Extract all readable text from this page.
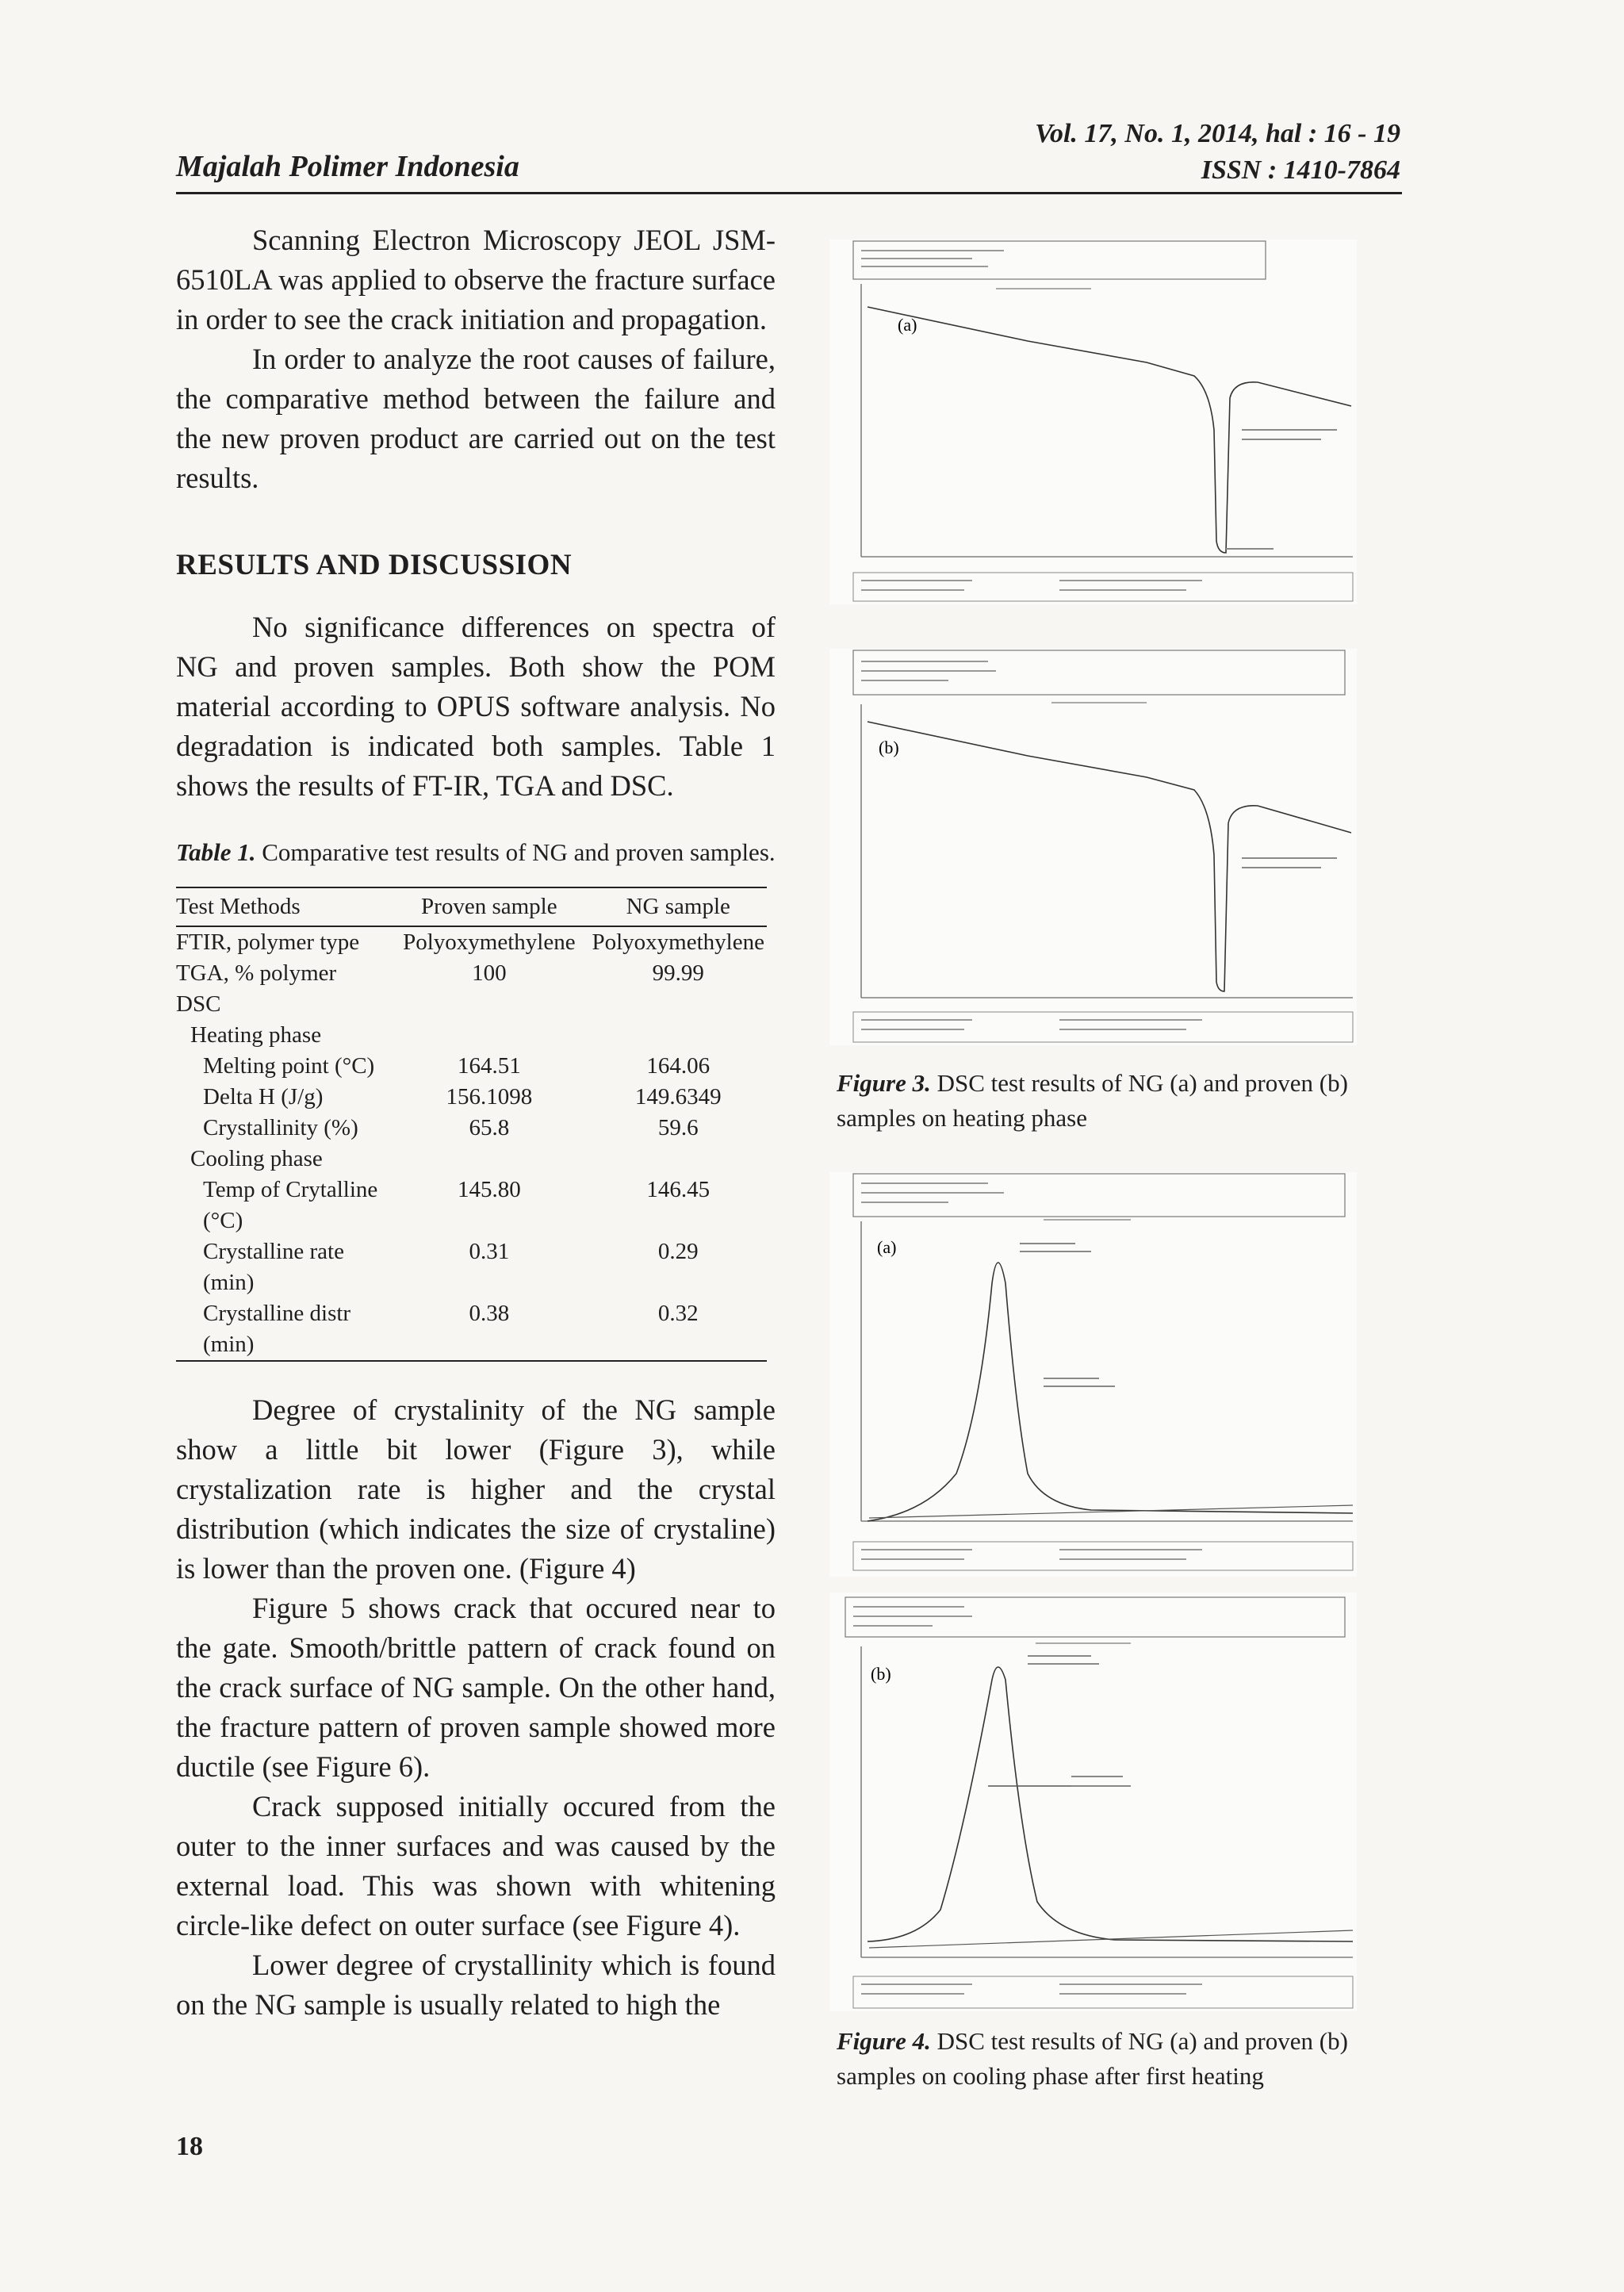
Majalah Polimer Indonesia
Vol. 17, No. 1, 2014, hal : 16 - 19
ISSN : 1410-7864

Scanning Electron Microscopy JEOL JSM-6510LA was applied to observe the fracture surface in order to see the crack initiation and propagation.

In order to analyze the root causes of failure, the comparative method between the failure and the new proven product are carried out on the test results.

RESULTS AND DISCUSSION

No significance differences on spectra of NG and proven samples. Both show the POM material according to OPUS software analysis. No degradation is indicated both samples. Table 1 shows the results of FT-IR, TGA and DSC.

Table 1. Comparative test results of NG and proven samples.
Test Methods	Proven sample	NG sample
FTIR, polymer type	Polyoxymethylene	Polyoxymethylene
TGA, % polymer	100	99.99
DSC		
Heating phase		
Melting point (°C)	164.51	164.06
Delta H (J/g)	156.1098	149.6349
Crystallinity (%)	65.8	59.6
Cooling phase		
Temp of Crytalline (°C)	145.80	146.45
Crystalline rate (min)	0.31	0.29
Crystalline distr (min)	0.38	0.32

Degree of crystalinity of the NG sample show a little bit lower (Figure 3), while crystalization rate is higher and the crystal distribution (which indicates the size of crystaline) is lower than the proven one. (Figure 4)

Figure 5 shows crack that occured near to the gate. Smooth/brittle pattern of crack found on the crack surface of NG sample. On the other hand, the fracture pattern of proven sample showed more ductile (see Figure 6).

Crack supposed initially occured from the outer to the inner surfaces and was caused by the external load. This was shown with whitening circle-like defect on outer surface (see Figure 4).

Lower degree of crystallinity which is found on the NG sample is usually related to high the

18
(a)
(b)
Figure 3. DSC test results of NG (a) and proven (b) samples on heating phase
(a)
(b)
Figure 4. DSC test results of NG (a) and proven (b) samples on cooling phase after first heating
